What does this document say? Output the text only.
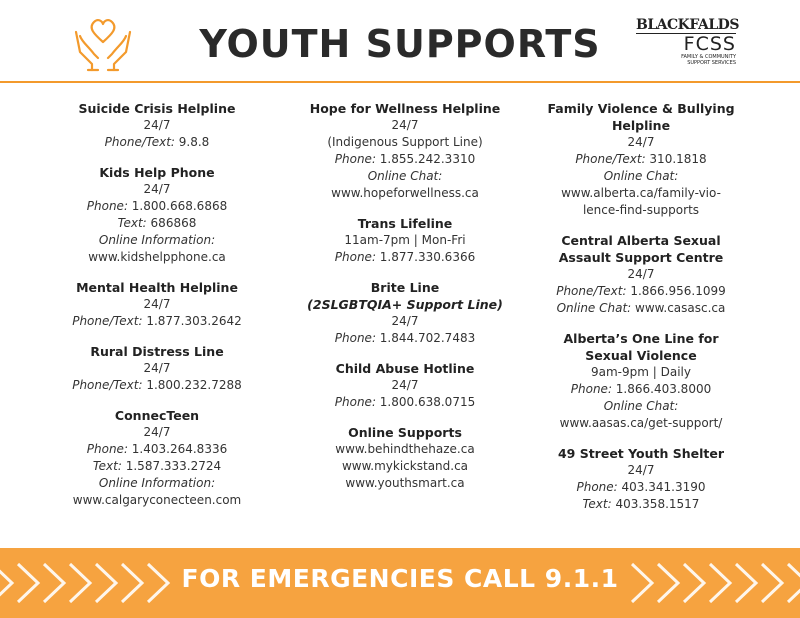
YOUTH SUPPORTS	BLACKFALDS
FCSS
FAMILY & COMMUNITY
SUPPORT SERVICES
Suicide Crisis Helpline
24/7
Phone/Text: 9.8.8
Kids Help Phone
24/7
Phone: 1.800.668.6868
Text: 686868
Online Information:
www.kidshelpphone.ca
Mental Health Helpline
24/7
Phone/Text: 1.877.303.2642
Rural Distress Line
24/7
Phone/Text: 1.800.232.7288
ConnecTeen
24/7
Phone: 1.403.264.8336
Text: 1.587.333.2724
Online Information:
www.calgaryconecteen.com
Hope for Wellness Helpline
24/7
(Indigenous Support Line)
Phone: 1.855.242.3310
Online Chat:
www.hopeforwellness.ca
Trans Lifeline
11am-7pm | Mon-Fri
Phone: 1.877.330.6366
Brite Line
(2SLGBTQIA+ Support Line)
24/7
Phone: 1.844.702.7483
Child Abuse Hotline
24/7
Phone: 1.800.638.0715
Online Supports
www.behindthehaze.ca
www.mykickstand.ca
www.youthsmart.ca
Family Violence & Bullying
Helpline
24/7
Phone/Text: 310.1818
Online Chat:
www.alberta.ca/family-vio-
lence-find-supports
Central Alberta Sexual
Assault Support Centre
24/7
Phone/Text: 1.866.956.1099
Online Chat: www.casasc.ca
Alberta’s One Line for
Sexual Violence
9am-9pm | Daily
Phone: 1.866.403.8000
Online Chat:
www.aasas.ca/get-support/
49 Street Youth Shelter
24/7
Phone: 403.341.3190
Text: 403.358.1517
FOR EMERGENCIES CALL 9.1.1
